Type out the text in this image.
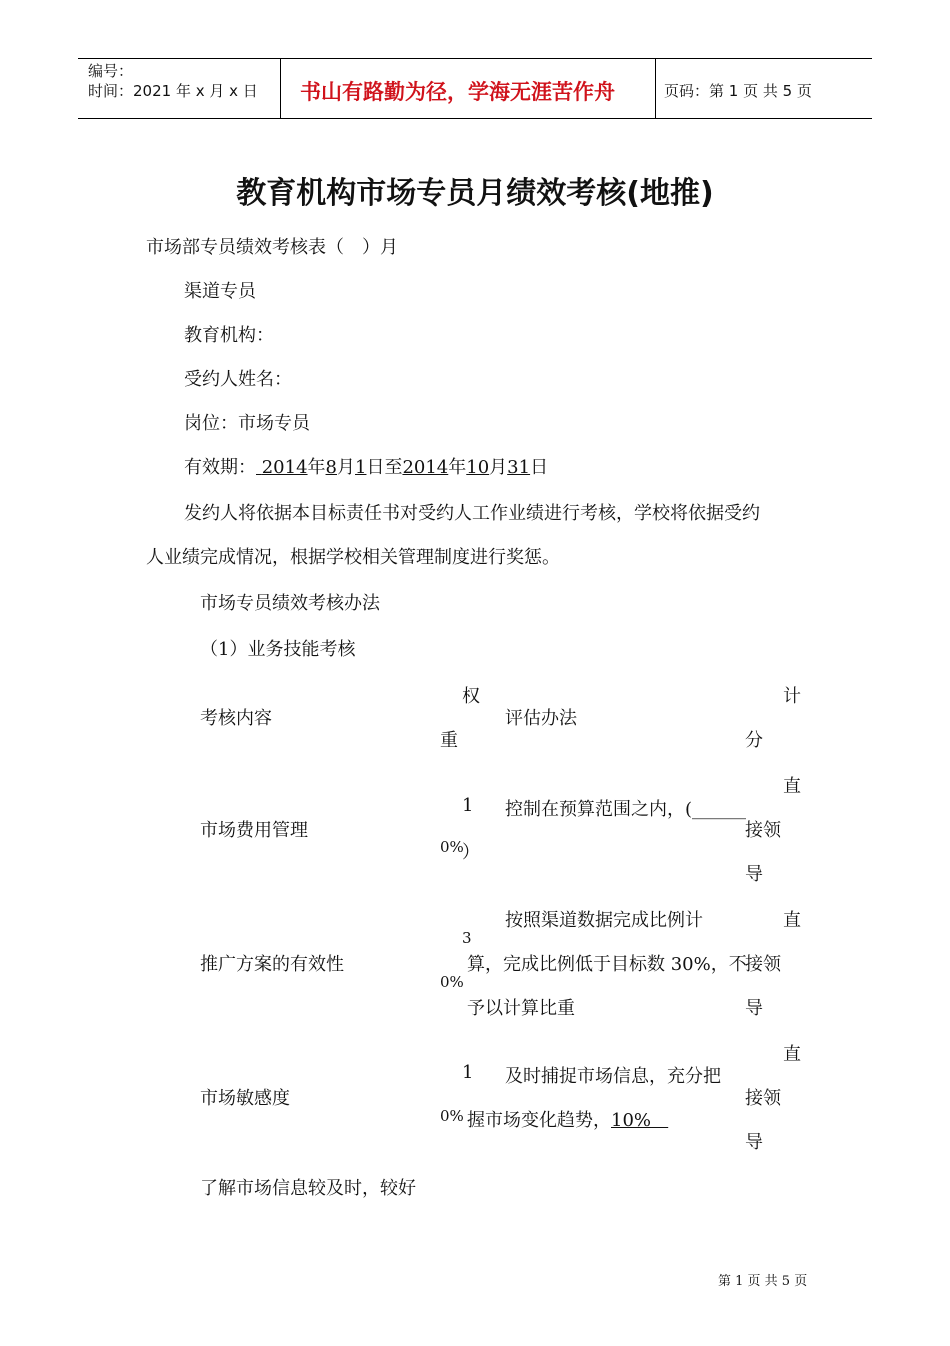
编号：
时间：2021 年 x 月 x 日 书山有路勤为径，学海无涯苦作舟	页码：第 1 页 共 5 页
教育机构市场专员月绩效考核(地推)
市场部专员绩效考核表（　）月
渠道专员
教育机构：
受约人姓名：
岗位：市场专员
有效期： 2014年8月1日至2014年10月31日
发约人将依据本目标责任书对受约人工作业绩进行考核，学校将依据受约
人业绩完成情况，根据学校相关管理制度进行奖惩。
市场专员绩效考核办法
（1）业务技能考核
考核内容
权
重
评估办法
计
分
市场费用管理
1
0%
控制在预算范围之内，(______
）
直
接领
导
推广方案的有效性
3
0%
按照渠道数据完成比例计
算，完成比例低于目标数 30%，不
予以计算比重
直
接领
导
市场敏感度
1
0%
及时捕捉市场信息，充分把
握市场变化趋势，10%
直
接领
导
了解市场信息较及时，较好
第 1 页 共 5 页
